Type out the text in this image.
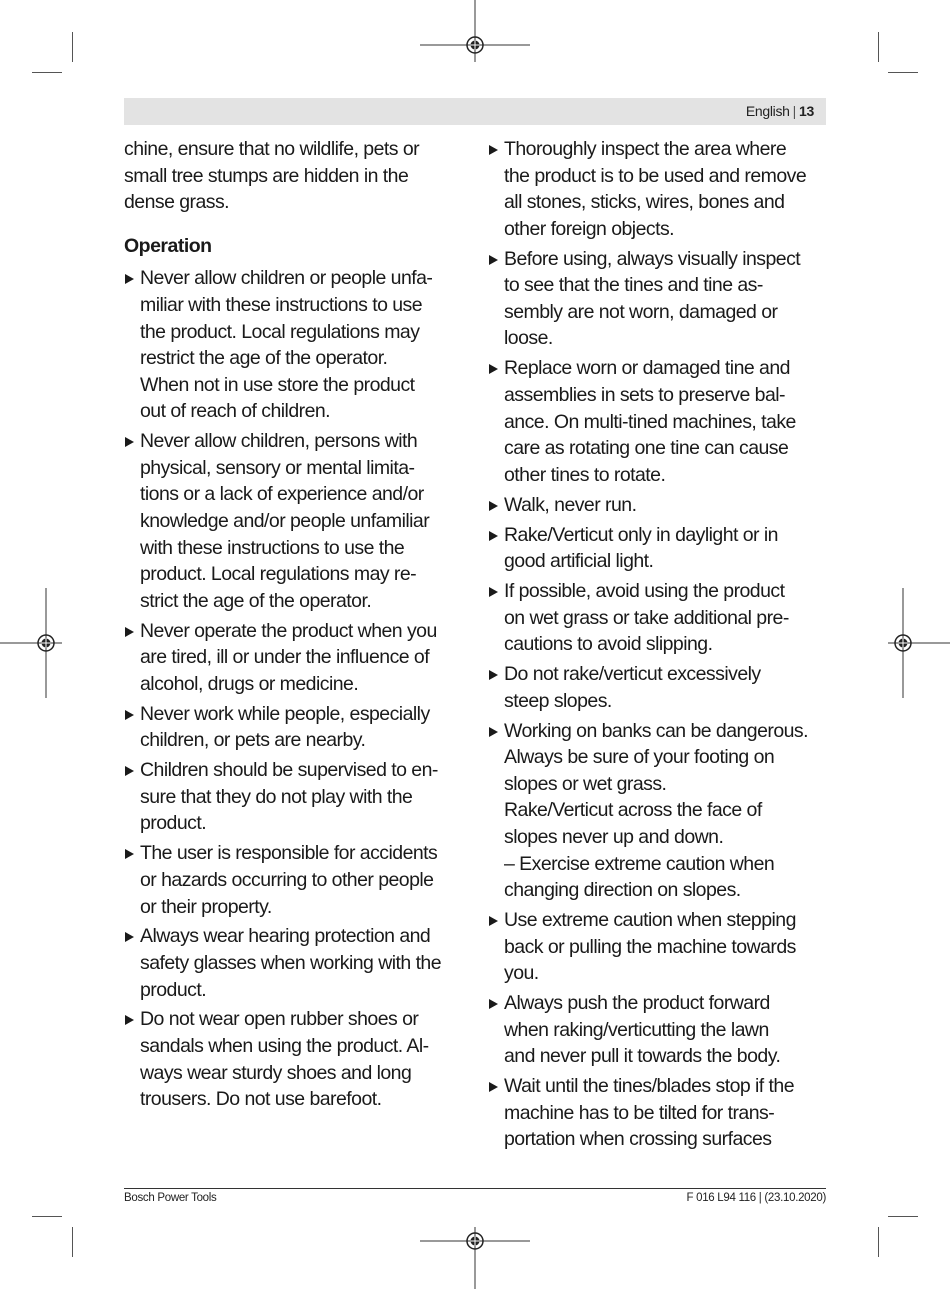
English | 13

chine, ensure that no wildlife, pets or
small tree stumps are hidden in the
dense grass.

Operation
Never allow children or people unfa-
miliar with these instructions to use
the product. Local regulations may
restrict the age of the operator.
When not in use store the product
out of reach of children.
Never allow children, persons with
physical, sensory or mental limita-
tions or a lack of experience and/or
knowledge and/or people unfamiliar
with these instructions to use the
product. Local regulations may re-
strict the age of the operator.
Never operate the product when you
are tired, ill or under the influence of
alcohol, drugs or medicine.
Never work while people, especially
children, or pets are nearby.
Children should be supervised to en-
sure that they do not play with the
product.
The user is responsible for accidents
or hazards occurring to other people
or their property.
Always wear hearing protection and
safety glasses when working with the
product.
Do not wear open rubber shoes or
sandals when using the product. Al-
ways wear sturdy shoes and long
trousers. Do not use barefoot.
Thoroughly inspect the area where
the product is to be used and remove
all stones, sticks, wires, bones and
other foreign objects.
Before using, always visually inspect
to see that the tines and tine as-
sembly are not worn, damaged or
loose.
Replace worn or damaged tine and
assemblies in sets to preserve bal-
ance. On multi-tined machines, take
care as rotating one tine can cause
other tines to rotate.
Walk, never run.
Rake/Verticut only in daylight or in
good artificial light.
If possible, avoid using the product
on wet grass or take additional pre-
cautions to avoid slipping.
Do not rake/verticut excessively
steep slopes.
Working on banks can be dangerous.
Always be sure of your footing on
slopes or wet grass.
Rake/Verticut across the face of
slopes never up and down.
– Exercise extreme caution when
changing direction on slopes.
Use extreme caution when stepping
back or pulling the machine towards
you.
Always push the product forward
when raking/verticutting the lawn
and never pull it towards the body.
Wait until the tines/blades stop if the
machine has to be tilted for trans-
portation when crossing surfaces
Bosch Power Tools	F 016 L94 116 | (23.10.2020)
